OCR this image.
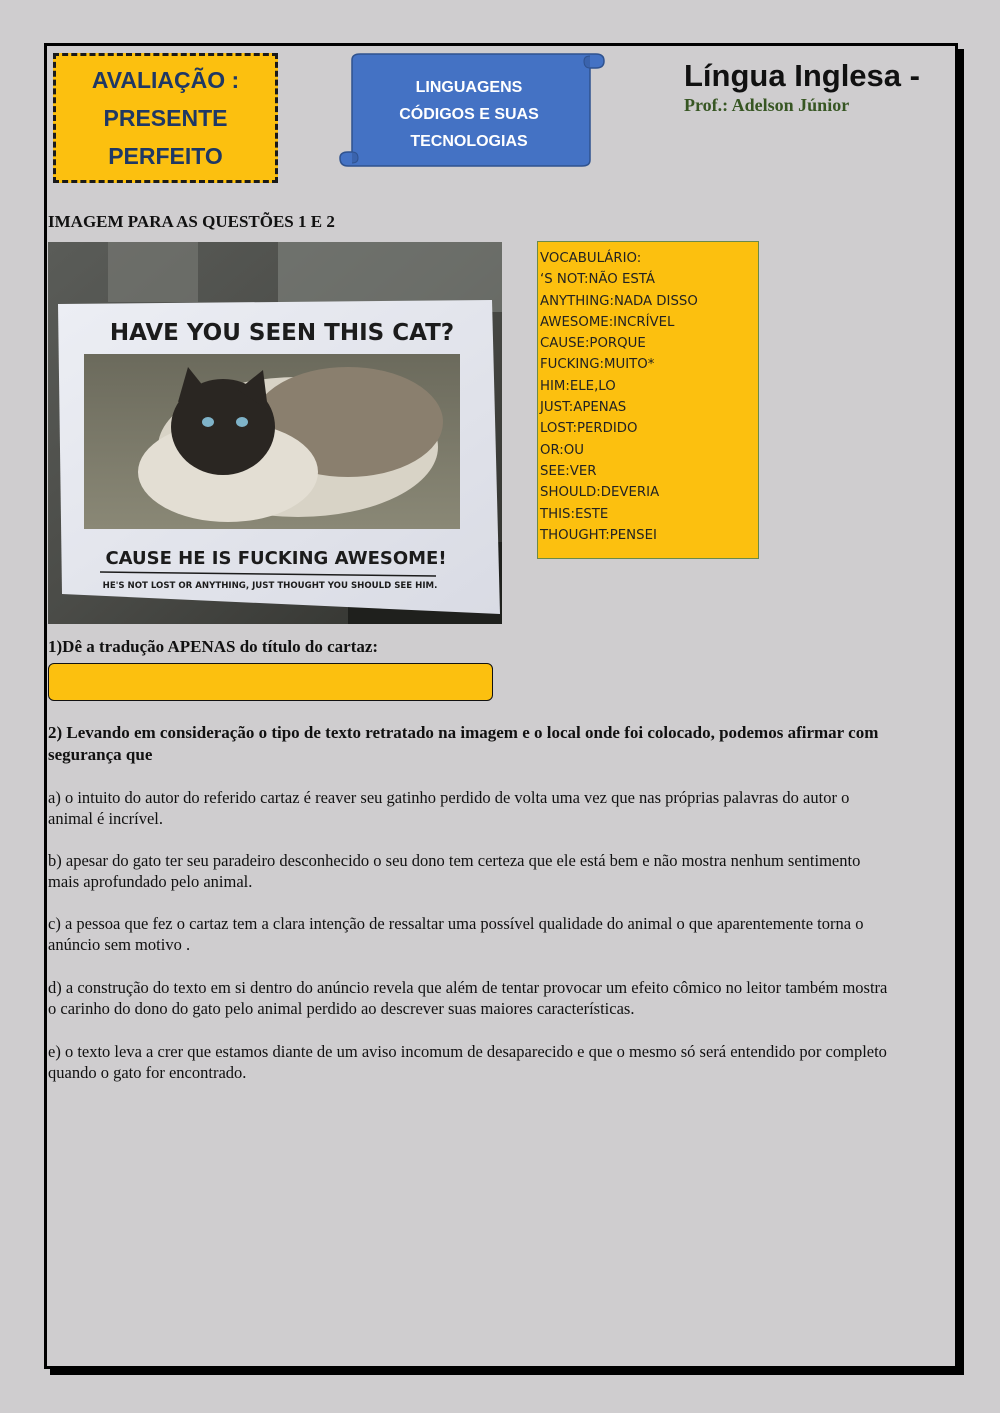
AVALIAÇÃO :
PRESENTE
PERFEITO
LINGUAGENS
CÓDIGOS E SUAS
TECNOLOGIAS
Língua Inglesa -
Prof.: Adelson Júnior
IMAGEM PARA AS QUESTÕES 1 E 2
HAVE YOU SEEN THIS CAT?
CAUSE HE IS FUCKING AWESOME!
HE'S NOT LOST OR ANYTHING, JUST THOUGHT YOU SHOULD SEE HIM.
VOCABULÁRIO:
‘S NOT:NÃO ESTÁ
ANYTHING:NADA DISSO
AWESOME:INCRÍVEL
CAUSE:PORQUE
FUCKING:MUITO*
HIM:ELE,LO
JUST:APENAS
LOST:PERDIDO
OR:OU
SEE:VER
SHOULD:DEVERIA
THIS:ESTE
THOUGHT:PENSEI
1)Dê a tradução APENAS do título do cartaz:
2) Levando em consideração o tipo de texto retratado na imagem e o local onde foi colocado, podemos afirmar com segurança que
a) o intuito do autor do referido cartaz é reaver seu gatinho perdido de volta uma vez que nas próprias palavras do autor o animal é incrível.
b) apesar do gato ter seu paradeiro desconhecido o seu dono tem certeza que ele está bem e não mostra nenhum sentimento mais aprofundado pelo animal.
c) a pessoa que fez o cartaz tem a clara intenção de ressaltar uma possível qualidade do animal o que aparentemente torna o anúncio sem motivo .
d) a construção do texto em si dentro do anúncio revela que além de tentar provocar um efeito cômico no leitor também mostra o carinho do dono do gato pelo animal perdido ao descrever suas maiores características.
e) o texto leva a crer que estamos diante de um aviso incomum de desaparecido e que o mesmo só será entendido por completo quando o gato for encontrado.
